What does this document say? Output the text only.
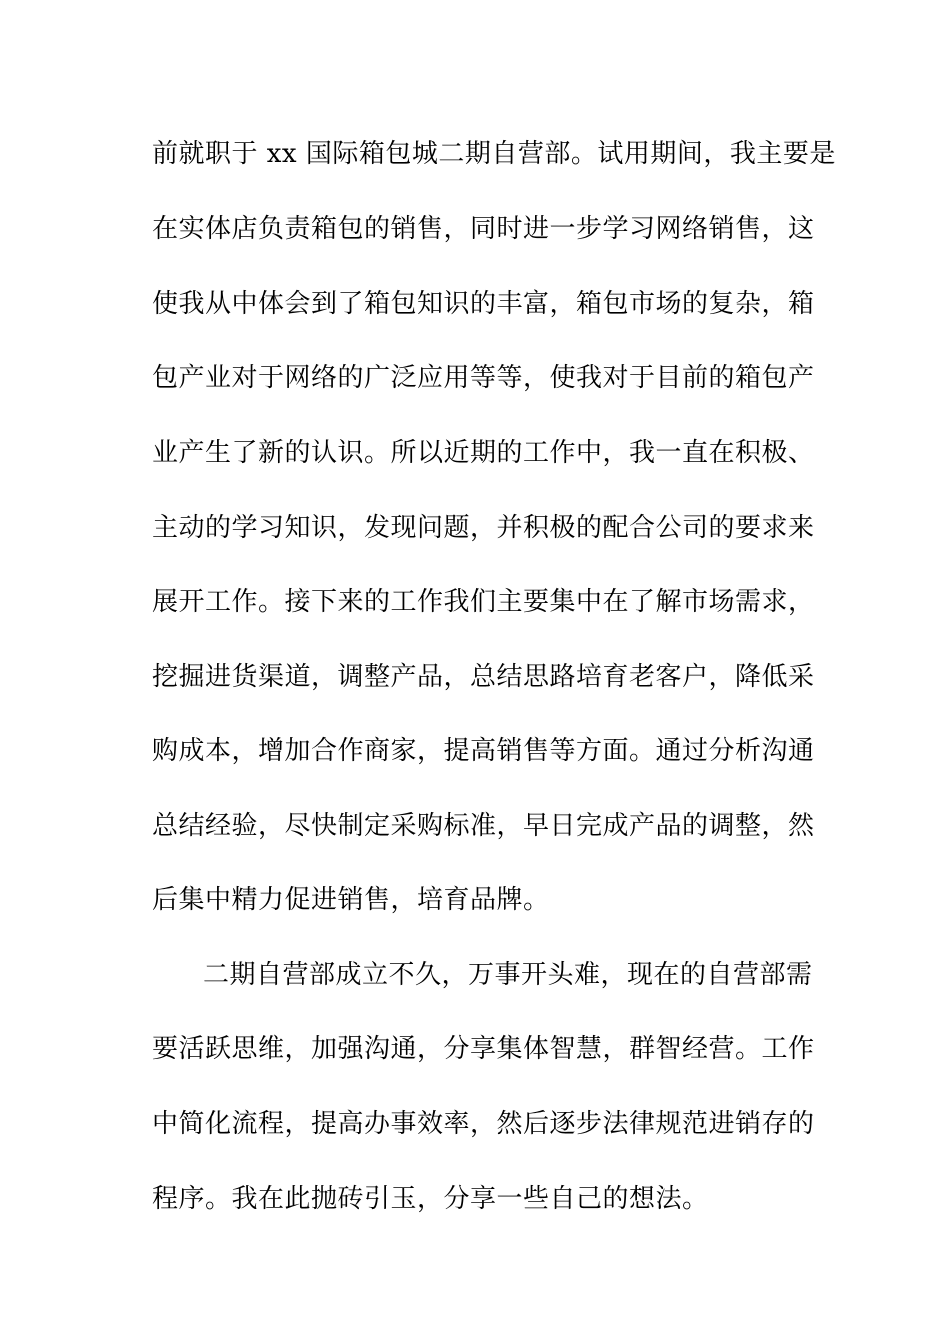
前就职于 xx 国际箱包城二期自营部。试用期间，我主要是
在实体店负责箱包的销售，同时进一步学习网络销售，这
使我从中体会到了箱包知识的丰富，箱包市场的复杂，箱
包产业对于网络的广泛应用等等，使我对于目前的箱包产
业产生了新的认识。所以近期的工作中，我一直在积极、
主动的学习知识，发现问题，并积极的配合公司的要求来
展开工作。接下来的工作我们主要集中在了解市场需求，
挖掘进货渠道，调整产品，总结思路培育老客户，降低采
购成本，增加合作商家，提高销售等方面。通过分析沟通
总结经验，尽快制定采购标准，早日完成产品的调整，然
后集中精力促进销售，培育品牌。
二期自营部成立不久，万事开头难，现在的自营部需
要活跃思维，加强沟通，分享集体智慧，群智经营。工作
中简化流程，提高办事效率，然后逐步法律规范进销存的
程序。我在此抛砖引玉，分享一些自己的想法。
